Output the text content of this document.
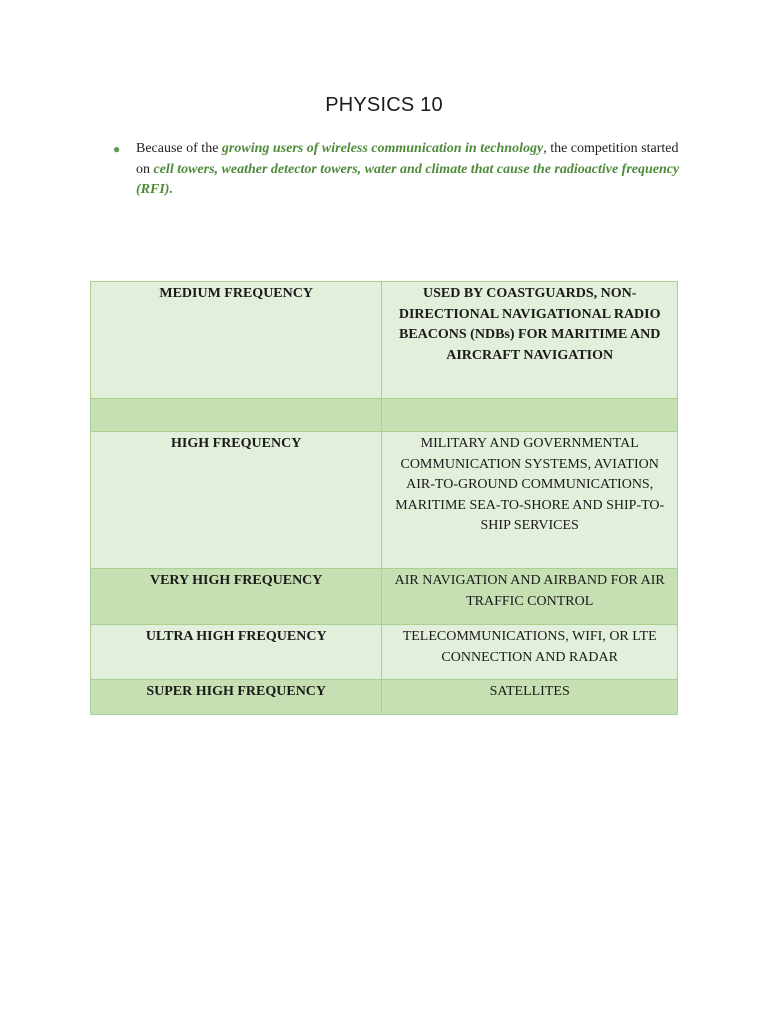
PHYSICS 10
● Because of the growing users of wireless communication in technology, the competition started on cell towers, weather detector towers, water and climate that cause the radioactive frequency (RFI).
MEDIUM FREQUENCY	USED BY COASTGUARDS, NON-DIRECTIONAL NAVIGATIONAL RADIO BEACONS (NDBs) FOR MARITIME AND AIRCRAFT NAVIGATION

HIGH FREQUENCY	MILITARY AND GOVERNMENTAL COMMUNICATION SYSTEMS, AVIATION AIR-TO-GROUND COMMUNICATIONS, MARITIME SEA-TO-SHORE AND SHIP-TO-SHIP SERVICES
VERY HIGH FREQUENCY	AIR NAVIGATION AND AIRBAND FOR AIR TRAFFIC CONTROL
ULTRA HIGH FREQUENCY	TELECOMMUNICATIONS, WIFI, OR LTE CONNECTION AND RADAR
SUPER HIGH FREQUENCY	SATELLITES
